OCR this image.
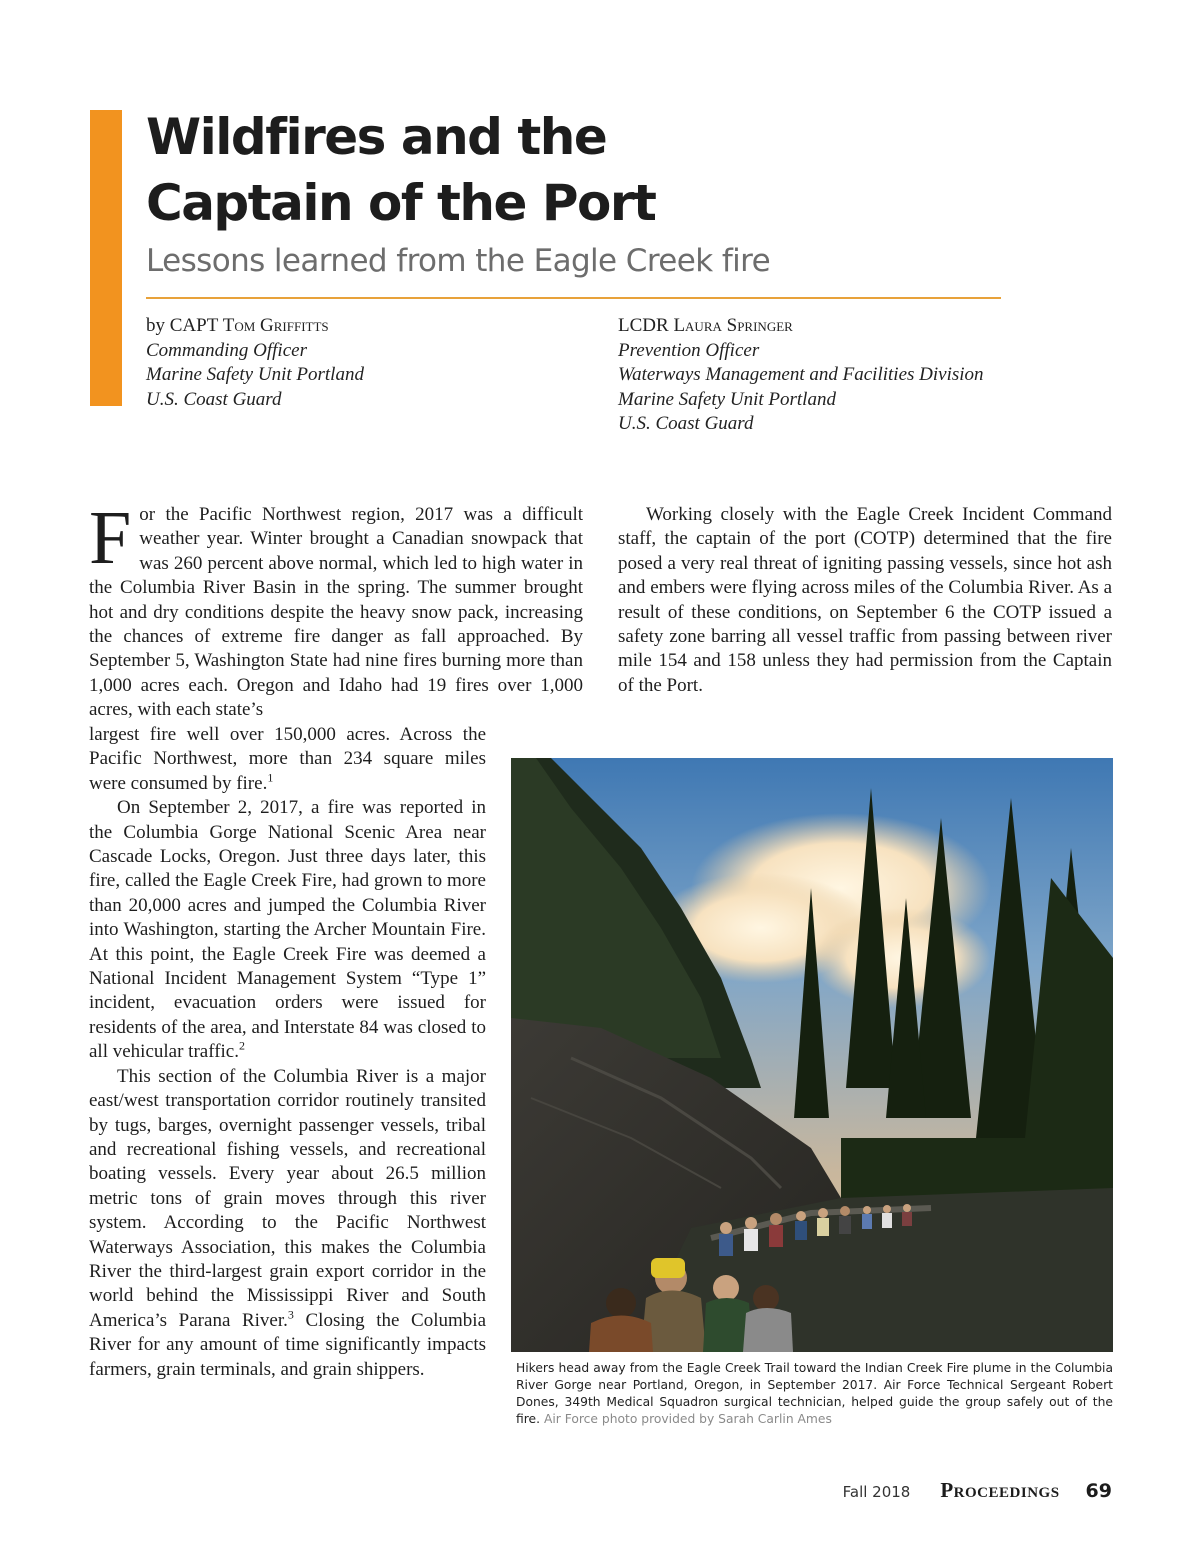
Wildfires and the
Captain of the Port
Lessons learned from the Eagle Creek fire
by CAPT Tom Griffitts
Commanding Officer
Marine Safety Unit Portland
U.S. Coast Guard
LCDR Laura Springer
Prevention Officer
Waterways Management and Facilities Division
Marine Safety Unit Portland
U.S. Coast Guard

For the Pacific Northwest region, 2017 was a difficult weather year. Winter brought a Canadian snowpack that was 260 percent above normal, which led to high water in the Columbia River Basin in the spring. The summer brought hot and dry conditions despite the heavy snow pack, increasing the chances of extreme fire danger as fall approached. By September 5, Washington State had nine fires burning more than 1,000 acres each. Oregon and Idaho had 19 fires over 1,000 acres, with each state’s

largest fire well over 150,000 acres. Across the Pacific Northwest, more than 234 square miles were consumed by fire.$^1$

On September 2, 2017, a fire was reported in the Columbia Gorge National Scenic Area near Cascade Locks, Oregon. Just three days later, this fire, called the Eagle Creek Fire, had grown to more than 20,000 acres and jumped the Columbia River into Washington, starting the Archer Mountain Fire. At this point, the Eagle Creek Fire was deemed a National Incident Management System “Type 1” incident, evacuation orders were issued for residents of the area, and Interstate 84 was closed to all vehicular traffic.$^2$

This section of the Columbia River is a major east/west transportation corridor routinely transited by tugs, barges, overnight passenger vessels, tribal and recreational fishing vessels, and recreational boating vessels. Every year about 26.5 million metric tons of grain moves through this river system. According to the Pacific Northwest Waterways Association, this makes the Columbia River the third-largest grain export corridor in the world behind the Mississippi River and South America’s Parana River.$^3$ Closing the Columbia River for any amount of time significantly impacts farmers, grain terminals, and grain shippers.

Working closely with the Eagle Creek Incident Command staff, the captain of the port (COTP) determined that the fire posed a very real threat of igniting passing vessels, since hot ash and embers were flying across miles of the Columbia River. As a result of these conditions, on September 6 the COTP issued a safety zone barring all vessel traffic from passing between river mile 154 and 158 unless they had permission from the Captain of the Port.

Hikers head away from the Eagle Creek Trail toward the Indian Creek Fire plume in the Columbia River Gorge near Portland, Oregon, in September 2017. Air Force Technical Sergeant Robert Dones, 349th Medical Squadron surgical technician, helped guide the group safely out of the fire. Air Force photo provided by Sarah Carlin Ames
Fall 2018 Proceedings 69
